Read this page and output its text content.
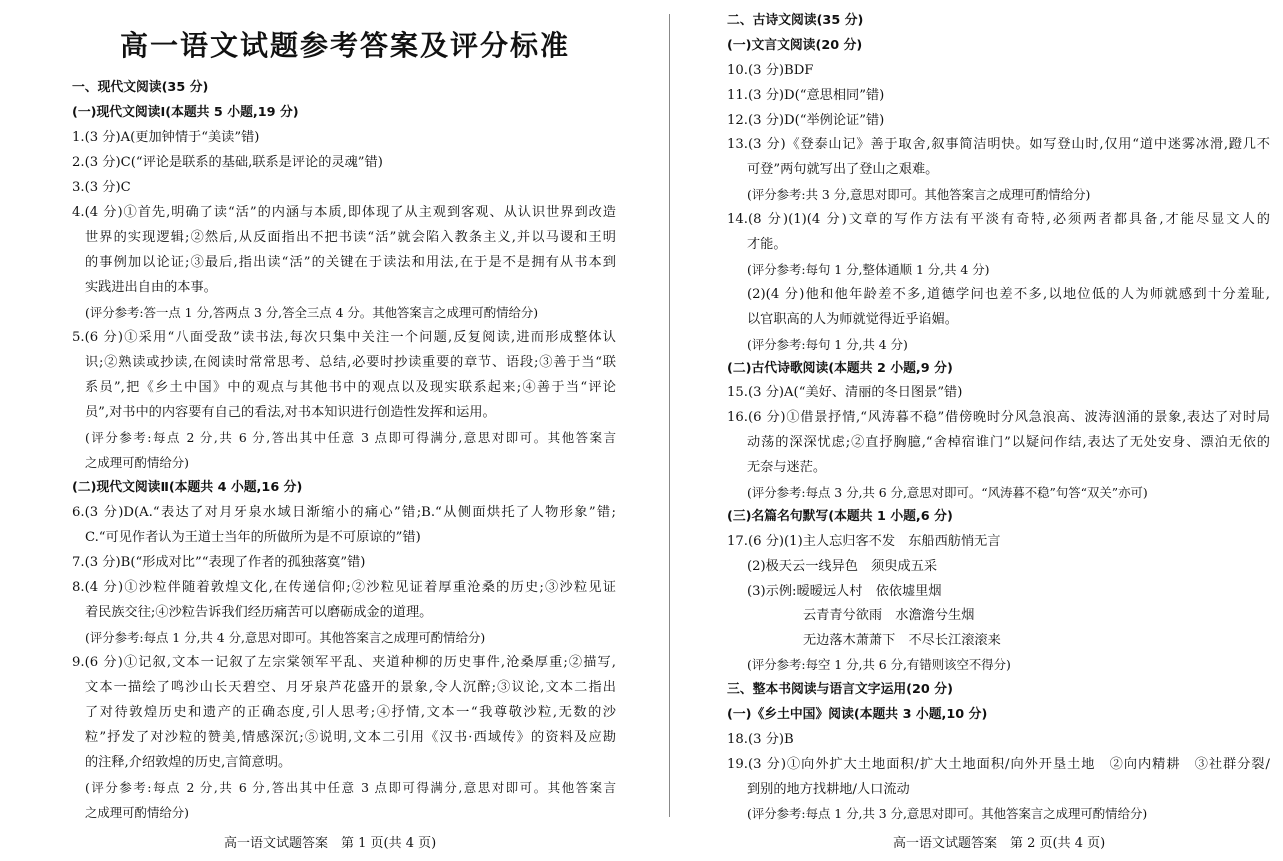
高一语文试题参考答案及评分标准
一、现代文阅读(35 分)
(一)现代文阅读Ⅰ(本题共 5 小题,19 分)
1.(3 分)A(更加钟情于“美读”错)
2.(3 分)C(“评论是联系的基础,联系是评论的灵魂”错)
3.(3 分)C
4.(4 分)①首先,明确了读“活”的内涵与本质,即体现了从主观到客观、从认识世界到改造
世界的实现逻辑;②然后,从反面指出不把书读“活”就会陷入教条主义,并以马谡和王明
的事例加以论证;③最后,指出读“活”的关键在于读法和用法,在于是不是拥有从书本到
实践进出自由的本事。
(评分参考:答一点 1 分,答两点 3 分,答全三点 4 分。其他答案言之成理可酌情给分)
5.(6 分)①采用“八面受敌”读书法,每次只集中关注一个问题,反复阅读,进而形成整体认
识;②熟读或抄读,在阅读时常常思考、总结,必要时抄读重要的章节、语段;③善于当“联
系员”,把《乡土中国》中的观点与其他书中的观点以及现实联系起来;④善于当“评论
员”,对书中的内容要有自己的看法,对书本知识进行创造性发挥和运用。
(评分参考:每点 2 分,共 6 分,答出其中任意 3 点即可得满分,意思对即可。其他答案言
之成理可酌情给分)
(二)现代文阅读Ⅱ(本题共 4 小题,16 分)
6.(3 分)D(A.“表达了对月牙泉水域日渐缩小的痛心”错;B.“从侧面烘托了人物形象”错;
C.“可见作者认为王道士当年的所做所为是不可原谅的”错)
7.(3 分)B(“形成对比”“表现了作者的孤独落寞”错)
8.(4 分)①沙粒伴随着敦煌文化,在传递信仰;②沙粒见证着厚重沧桑的历史;③沙粒见证
着民族交往;④沙粒告诉我们经历痛苦可以磨砺成金的道理。
(评分参考:每点 1 分,共 4 分,意思对即可。其他答案言之成理可酌情给分)
9.(6 分)①记叙,文本一记叙了左宗棠领军平乱、夹道种柳的历史事件,沧桑厚重;②描写,
文本一描绘了鸣沙山长天碧空、月牙泉芦花盛开的景象,令人沉醉;③议论,文本二指出
了对待敦煌历史和遗产的正确态度,引人思考;④抒情,文本一“我尊敬沙粒,无数的沙
粒”抒发了对沙粒的赞美,情感深沉;⑤说明,文本二引用《汉书·西域传》的资料及应勘
的注释,介绍敦煌的历史,言简意明。
(评分参考:每点 2 分,共 6 分,答出其中任意 3 点即可得满分,意思对即可。其他答案言
之成理可酌情给分)
二、古诗文阅读(35 分)
(一)文言文阅读(20 分)
10.(3 分)BDF
11.(3 分)D(“意思相同”错)
12.(3 分)D(“举例论证”错)
13.(3 分)《登泰山记》善于取舍,叙事简洁明快。如写登山时,仅用“道中迷雾冰滑,蹬几不
可登”两句就写出了登山之艰难。
(评分参考:共 3 分,意思对即可。其他答案言之成理可酌情给分)
14.(8 分)(1)(4 分)文章的写作方法有平淡有奇特,必须两者都具备,才能尽显文人的
才能。
(评分参考:每句 1 分,整体通顺 1 分,共 4 分)
(2)(4 分)他和他年龄差不多,道德学问也差不多,以地位低的人为师就感到十分羞耻,
以官职高的人为师就觉得近乎谄媚。
(评分参考:每句 1 分,共 4 分)
(二)古代诗歌阅读(本题共 2 小题,9 分)
15.(3 分)A(“美好、清丽的冬日图景”错)
16.(6 分)①借景抒情,“风涛暮不稳”借傍晚时分风急浪高、波涛汹涌的景象,表达了对时局
动荡的深深忧虑;②直抒胸臆,“舍棹宿谁门”以疑问作结,表达了无处安身、漂泊无依的
无奈与迷茫。
(评分参考:每点 3 分,共 6 分,意思对即可。“风涛暮不稳”句答“双关”亦可)
(三)名篇名句默写(本题共 1 小题,6 分)
17.(6 分)(1)主人忘归客不发　东船西舫悄无言
(2)极天云一线异色　须臾成五采
(3)示例:暧暧远人村　依依墟里烟
云青青兮欲雨　水澹澹兮生烟
无边落木萧萧下　不尽长江滚滚来
(评分参考:每空 1 分,共 6 分,有错则该空不得分)
三、整本书阅读与语言文字运用(20 分)
(一)《乡土中国》阅读(本题共 3 小题,10 分)
18.(3 分)B
19.(3 分)①向外扩大土地面积/扩大土地面积/向外开垦土地　②向内精耕　③社群分裂/
到别的地方找耕地/人口流动
(评分参考:每点 1 分,共 3 分,意思对即可。其他答案言之成理可酌情给分)
高一语文试题答案　第 1 页(共 4 页)	高一语文试题答案　第 2 页(共 4 页)
